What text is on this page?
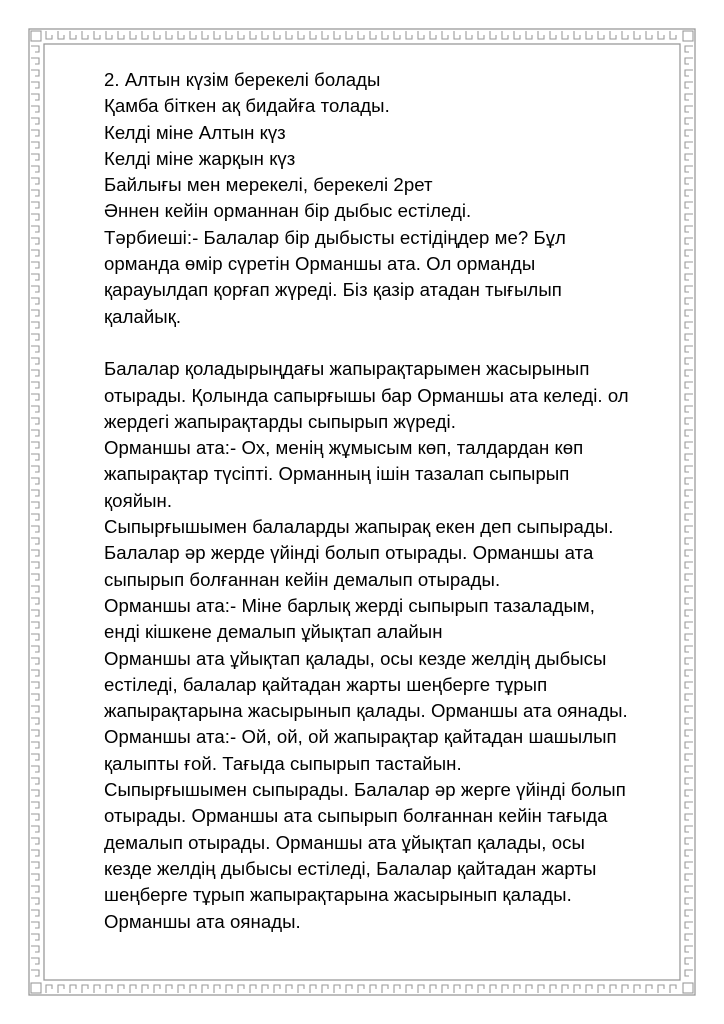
2. Алтын күзім берекелі болады
Қамба біткен ақ бидайға толады.
Келді міне Алтын күз
Келді міне жарқын күз
Байлығы мен мерекелі, берекелі 2рет
Әннен кейін орманнан бір дыбыс естіледі.
Тәрбиеші:- Балалар бір дыбысты естідіңдер ме? Бұл
орманда өмір сүретін Орманшы ата. Ол орманды
қарауылдап қорғап жүреді. Біз қазір атадан тығылып
қалайық.
Балалар қоладырыңдағы жапырақтарымен жасырынып
отырады. Қолында сапырғышы бар Орманшы ата келеді. ол
жердегі жапырақтарды сыпырып жүреді.
Орманшы ата:- Ох, менің жұмысым көп, талдардан көп
жапырақтар түсіпті. Орманның ішін тазалап сыпырып
қояйын.
Сыпырғышымен балаларды жапырақ екен деп сыпырады.
Балалар әр жерде үйінді болып отырады. Орманшы ата
сыпырып болғаннан кейін демалып отырады.
Орманшы ата:- Міне барлық жерді сыпырып тазаладым,
енді кішкене демалып ұйықтап алайын
Орманшы ата ұйықтап қалады, осы кезде желдің дыбысы
естіледі, балалар қайтадан жарты шеңберге тұрып
жапырақтарына жасырынып қалады. Орманшы ата оянады.
Орманшы ата:- Ой, ой, ой жапырақтар қайтадан шашылып
қалыпты ғой. Тағыда сыпырып тастайын.
Сыпырғышымен сыпырады. Балалар әр жерге үйінді болып
отырады. Орманшы ата сыпырып болғаннан кейін тағыда
демалып отырады. Орманшы ата ұйықтап қалады, осы
кезде желдің дыбысы естіледі, Балалар қайтадан жарты
шеңберге тұрып жапырақтарына жасырынып қалады.
Орманшы ата оянады.
